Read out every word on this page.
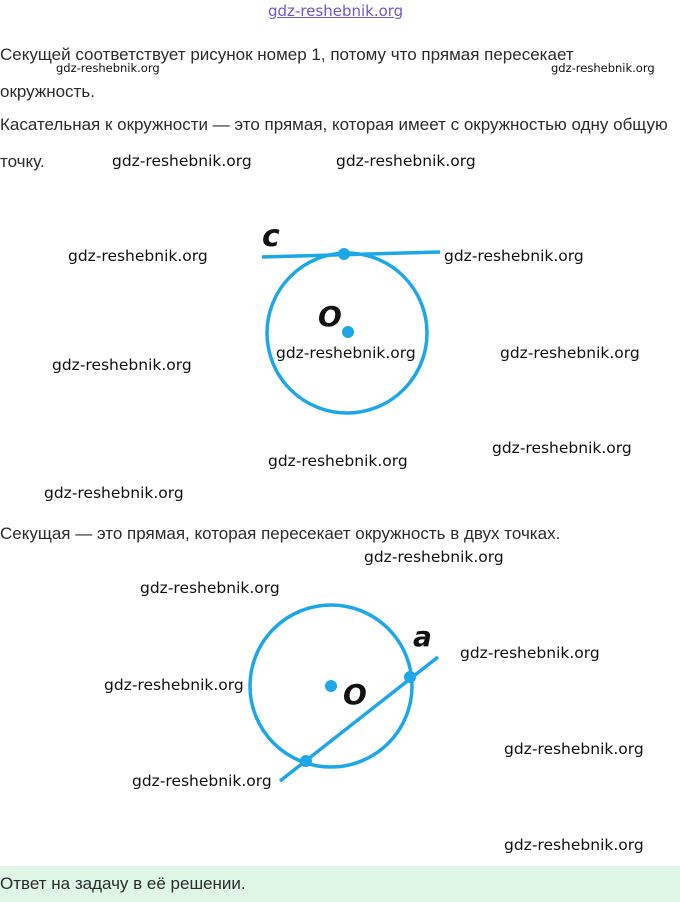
gdz-reshebnik.org

Секущей соответствует рисунок номер 1, потому что прямая пересекает окружность.

Касательная к окружности — это прямая, которая имеет с окружностью одну общую точку.

Секущая — это прямая, которая пересекает окружность в двух точках.

c
O
a
O
gdz-reshebnik.org	gdz-reshebnik.org
gdz-reshebnik.org	gdz-reshebnik.org
gdz-reshebnik.org	gdz-reshebnik.org
gdz-reshebnik.org	gdz-reshebnik.org
gdz-reshebnik.org
gdz-reshebnik.org
gdz-reshebnik.org
gdz-reshebnik.org
gdz-reshebnik.org
gdz-reshebnik.org
gdz-reshebnik.org
gdz-reshebnik.org
gdz-reshebnik.org
gdz-reshebnik.org
gdz-reshebnik.org
Ответ на задачу в её решении.
